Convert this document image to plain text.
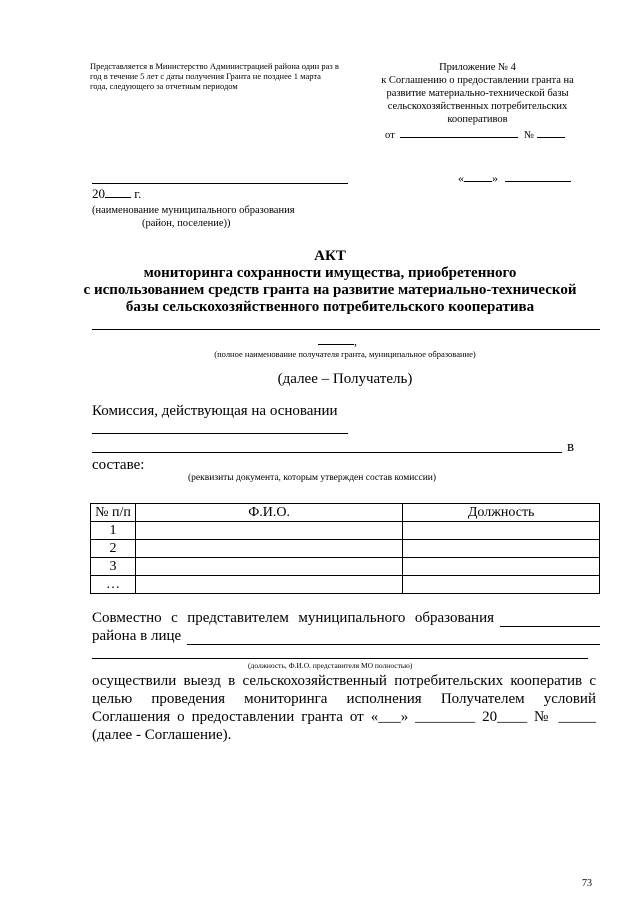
Представляется в Министерство Администрацией района один раз в год в течение 5 лет с даты получения Гранта не позднее 1 марта года, следующего за отчетным периодом
Приложение № 4
к Соглашению о предоставлении гранта на
развитие материально-технической базы
сельскохозяйственных потребительских
кооперативов
от	№
« »
20 г.
(наименование муниципального образования
(район, поселение))
АКТ
мониторинга сохранности имущества, приобретенного
с использованием средств гранта на развитие материально-технической
базы сельскохозяйственного потребительского кооператива
,
(полное наименование получателя гранта, муниципальное образование)
(далее – Получатель)
Комиссия, действующая на основании
в
составе:
(реквизиты документа, которым утвержден состав комиссии)
№ п/п	Ф.И.О.	Должность
1		
2		
3		
…		
Совместно с представителем муниципального образования
района в лице
(должность, Ф.И.О. представителя МО полностью)
осуществили выезд в сельскохозяйственный потребительских кооператив с
целью проведения мониторинга исполнения Получателем условий
Соглашения о предоставлении гранта от «___» ________ 20____ № _____
(далее - Соглашение).
73
